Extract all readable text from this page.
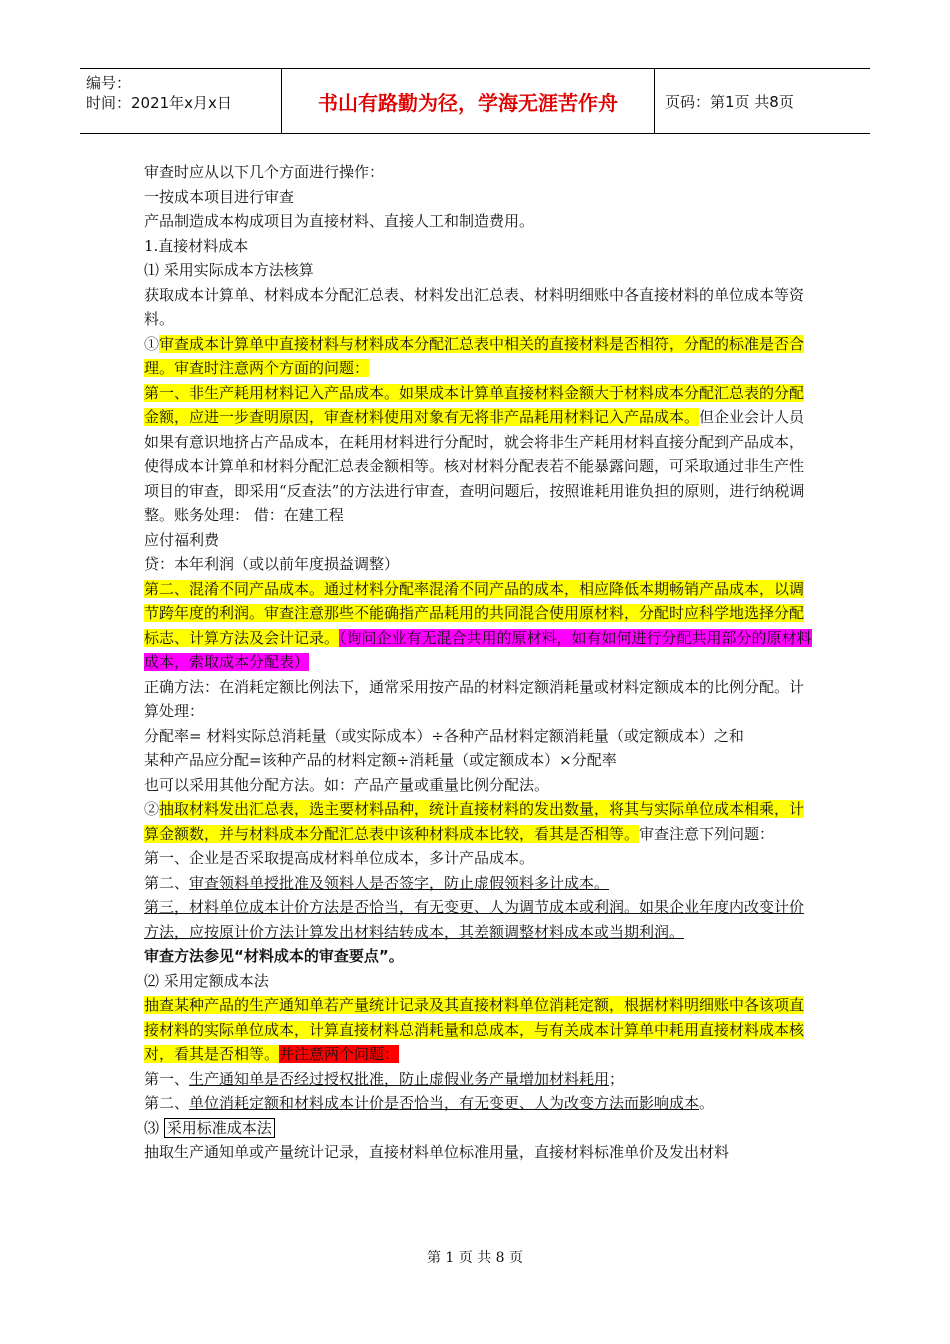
编号：
时间：2021年x月x日	书山有路勤为径，学海无涯苦作舟	页码：第1页 共8页

审查时应从以下几个方面进行操作：

一按成本项目进行审查

产品制造成本构成项目为直接材料、直接人工和制造费用。

1.直接材料成本

⑴ 采用实际成本方法核算

获取成本计算单、材料成本分配汇总表、材料发出汇总表、材料明细账中各直接材料的单位成本等资料。

①审查成本计算单中直接材料与材料成本分配汇总表中相关的直接材料是否相符，分配的标准是否合理。审查时注意两个方面的问题：

第一、非生产耗用材料记入产品成本。如果成本计算单直接材料金额大于材料成本分配汇总表的分配金额，应进一步查明原因，审查材料使用对象有无将非产品耗用材料记入产品成本。但企业会计人员如果有意识地挤占产品成本，在耗用材料进行分配时，就会将非生产耗用材料直接分配到产品成本，使得成本计算单和材料分配汇总表金额相等。核对材料分配表若不能暴露问题，可采取通过非生产性项目的审查，即采用“反查法”的方法进行审查，查明问题后，按照谁耗用谁负担的原则，进行纳税调整。账务处理： 借：在建工程

应付福利费

贷：本年利润（或以前年度损益调整）

第二、混淆不同产品成本。通过材料分配率混淆不同产品的成本，相应降低本期畅销产品成本，以调节跨年度的利润。审查注意那些不能确指产品耗用的共同混合使用原材料，分配时应科学地选择分配标志、计算方法及会计记录。（询问企业有无混合共用的原材料，如有如何进行分配共用部分的原材料成本，索取成本分配表）

正确方法：在消耗定额比例法下，通常采用按产品的材料定额消耗量或材料定额成本的比例分配。计算处理：

分配率= 材料实际总消耗量（或实际成本）÷各种产品材料定额消耗量（或定额成本）之和

某种产品应分配=该种产品的材料定额÷消耗量（或定额成本）×分配率

也可以采用其他分配方法。如：产品产量或重量比例分配法。

②抽取材料发出汇总表，选主要材料品种，统计直接材料的发出数量，将其与实际单位成本相乘，计算金额数，并与材料成本分配汇总表中该种材料成本比较，看其是否相等。审查注意下列问题：

第一、企业是否采取提高成材料单位成本，多计产品成本。

第二、审查领料单授批准及领料人是否签字，防止虚假领料多计成本。

第三，材料单位成本计价方法是否恰当，有无变更、人为调节成本或利润。如果企业年度内改变计价方法，应按原计价方法计算发出材料结转成本，其差额调整材料成本或当期利润。

审查方法参见“材料成本的审查要点”。

⑵ 采用定额成本法

抽查某种产品的生产通知单若产量统计记录及其直接材料单位消耗定额，根据材料明细账中各该项直接材料的实际单位成本，计算直接材料总消耗量和总成本，与有关成本计算单中耗用直接材料成本核对，看其是否相等。并注意两个问题：

第一、生产通知单是否经过授权批准，防止虚假业务产量增加材料耗用；

第二、单位消耗定额和材料成本计价是否恰当，有无变更、人为改变方法而影响成本。

⑶ 采用标准成本法

抽取生产通知单或产量统计记录，直接材料单位标准用量，直接材料标准单价及发出材料

第 1 页 共 8 页
